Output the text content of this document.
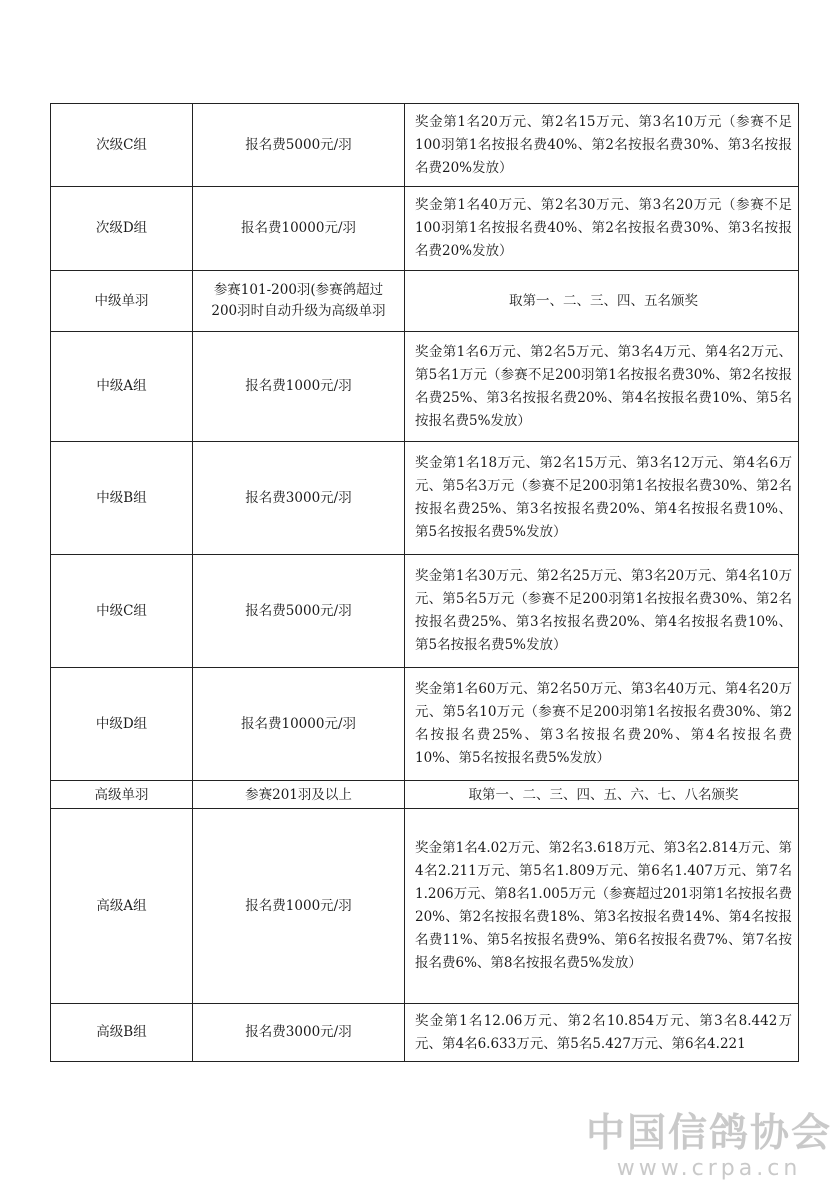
次级C组	报名费5000元/羽	奖金第1名20万元、第2名15万元、第3名10万元（参赛不足100羽第1名按报名费40%、第2名按报名费30%、第3名按报名费20%发放）
次级D组	报名费10000元/羽	奖金第1名40万元、第2名30万元、第3名20万元（参赛不足100羽第1名按报名费40%、第2名按报名费30%、第3名按报名费20%发放）
中级单羽	参赛101-200羽(参赛鸽超过200羽时自动升级为高级单羽	取第一、二、三、四、五名颁奖
中级A组	报名费1000元/羽	奖金第1名6万元、第2名5万元、第3名4万元、第4名2万元、第5名1万元（参赛不足200羽第1名按报名费30%、第2名按报名费25%、第3名按报名费20%、第4名按报名费10%、第5名按报名费5%发放）
中级B组	报名费3000元/羽	奖金第1名18万元、第2名15万元、第3名12万元、第4名6万元、第5名3万元（参赛不足200羽第1名按报名费30%、第2名按报名费25%、第3名按报名费20%、第4名按报名费10%、第5名按报名费5%发放）
中级C组	报名费5000元/羽	奖金第1名30万元、第2名25万元、第3名20万元、第4名10万元、第5名5万元（参赛不足200羽第1名按报名费30%、第2名按报名费25%、第3名按报名费20%、第4名按报名费10%、第5名按报名费5%发放）
中级D组	报名费10000元/羽	奖金第1名60万元、第2名50万元、第3名40万元、第4名20万元、第5名10万元（参赛不足200羽第1名按报名费30%、第2名按报名费25%、第3名按报名费20%、第4名按报名费10%、第5名按报名费5%发放）
高级单羽	参赛201羽及以上	取第一、二、三、四、五、六、七、八名颁奖
高级A组	报名费1000元/羽	奖金第1名4.02万元、第2名3.618万元、第3名2.814万元、第4名2.211万元、第5名1.809万元、第6名1.407万元、第7名1.206万元、第8名1.005万元（参赛超过201羽第1名按报名费20%、第2名按报名费18%、第3名按报名费14%、第4名按报名费11%、第5名按报名费9%、第6名按报名费7%、第7名按报名费6%、第8名按报名费5%发放）
高级B组	报名费3000元/羽	奖金第1名12.06万元、第2名10.854万元、第3名8.442万元、第4名6.633万元、第5名5.427万元、第6名4.221
中国信鸽协会
www.crpa.cn
